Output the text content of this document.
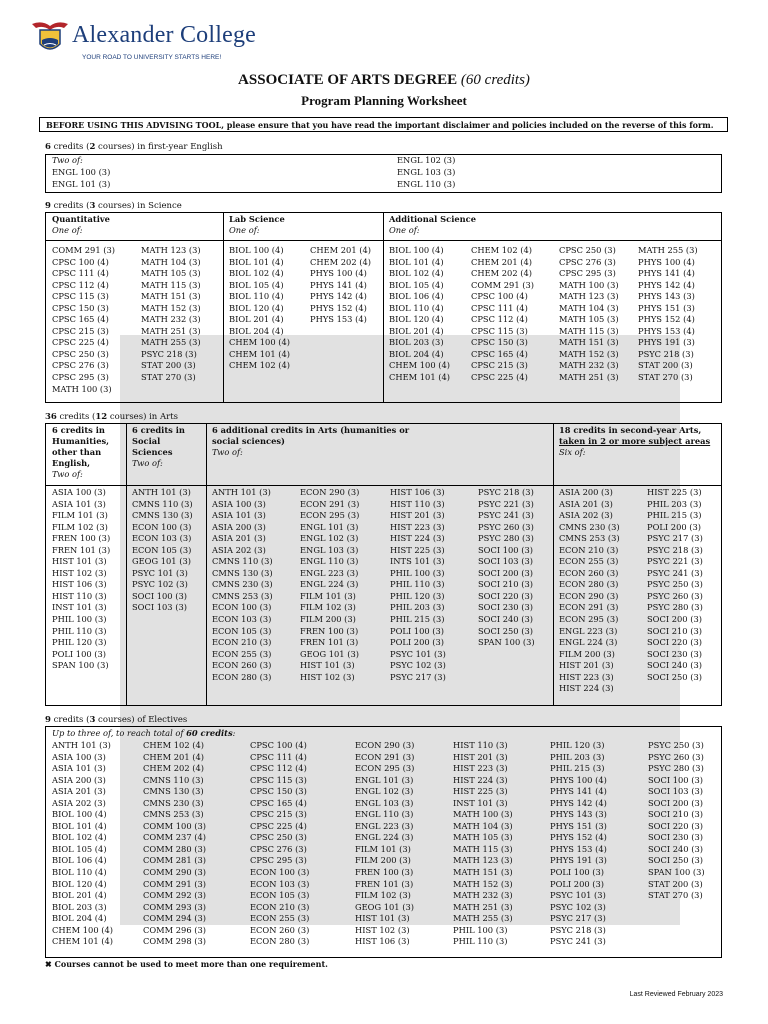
Alexander College
YOUR ROAD TO UNIVERSITY STARTS HERE!
ASSOCIATE OF ARTS DEGREE (60 credits)
Program Planning Worksheet
BEFORE USING THIS ADVISING TOOL, please ensure that you have read the important disclaimer and policies included on the reverse of this form.
6 credits (2 courses) in first-year English
Two of:
ENGL 100 (3)
ENGL 101 (3)
ENGL 102 (3)
ENGL 103 (3)
ENGL 110 (3)
9 credits (3 courses) in Science
Quantitative
One of:
Lab Science
One of:
Additional Science
One of:
COMM 291 (3)
CPSC 100 (4)
CPSC 111 (4)
CPSC 112 (4)
CPSC 115 (3)
CPSC 150 (3)
CPSC 165 (4)
CPSC 215 (3)
CPSC 225 (4)
CPSC 250 (3)
CPSC 276 (3)
CPSC 295 (3)
MATH 100 (3)
MATH 123 (3)
MATH 104 (3)
MATH 105 (3)
MATH 115 (3)
MATH 151 (3)
MATH 152 (3)
MATH 232 (3)
MATH 251 (3)
MATH 255 (3)
PSYC 218 (3)
STAT 200 (3)
STAT 270 (3)
BIOL 100 (4)
BIOL 101 (4)
BIOL 102 (4)
BIOL 105 (4)
BIOL 110 (4)
BIOL 120 (4)
BIOL 201 (4)
BIOL 204 (4)
CHEM 100 (4)
CHEM 101 (4)
CHEM 102 (4)
CHEM 201 (4)
CHEM 202 (4)
PHYS 100 (4)
PHYS 141 (4)
PHYS 142 (4)
PHYS 152 (4)
PHYS 153 (4)
BIOL 100 (4)
BIOL 101 (4)
BIOL 102 (4)
BIOL 105 (4)
BIOL 106 (4)
BIOL 110 (4)
BIOL 120 (4)
BIOL 201 (4)
BIOL 203 (3)
BIOL 204 (4)
CHEM 100 (4)
CHEM 101 (4)
CHEM 102 (4)
CHEM 201 (4)
CHEM 202 (4)
COMM 291 (3)
CPSC 100 (4)
CPSC 111 (4)
CPSC 112 (4)
CPSC 115 (3)
CPSC 150 (3)
CPSC 165 (4)
CPSC 215 (3)
CPSC 225 (4)
CPSC 250 (3)
CPSC 276 (3)
CPSC 295 (3)
MATH 100 (3)
MATH 123 (3)
MATH 104 (3)
MATH 105 (3)
MATH 115 (3)
MATH 151 (3)
MATH 152 (3)
MATH 232 (3)
MATH 251 (3)
MATH 255 (3)
PHYS 100 (4)
PHYS 141 (4)
PHYS 142 (4)
PHYS 143 (3)
PHYS 151 (3)
PHYS 152 (4)
PHYS 153 (4)
PHYS 191 (3)
PSYC 218 (3)
STAT 200 (3)
STAT 270 (3)
36 credits (12 courses) in Arts
6 credits in Humanities, other than English,
Two of:
6 credits in Social Sciences
Two of:
6 additional credits in Arts (humanities or social sciences)
Two of:
18 credits in second-year Arts,
taken in 2 or more subject areas
Six of:
ASIA 100 (3)
ASIA 101 (3)
FILM 101 (3)
FILM 102 (3)
FREN 100 (3)
FREN 101 (3)
HIST 101 (3)
HIST 102 (3)
HIST 106 (3)
HIST 110 (3)
INST 101 (3)
PHIL 100 (3)
PHIL 110 (3)
PHIL 120 (3)
POLI 100 (3)
SPAN 100 (3)
ANTH 101 (3)
CMNS 110 (3)
CMNS 130 (3)
ECON 100 (3)
ECON 103 (3)
ECON 105 (3)
GEOG 101 (3)
PSYC 101 (3)
PSYC 102 (3)
SOCI 100 (3)
SOCI 103 (3)
ANTH 101 (3)
ASIA 100 (3)
ASIA 101 (3)
ASIA 200 (3)
ASIA 201 (3)
ASIA 202 (3)
CMNS 110 (3)
CMNS 130 (3)
CMNS 230 (3)
CMNS 253 (3)
ECON 100 (3)
ECON 103 (3)
ECON 105 (3)
ECON 210 (3)
ECON 255 (3)
ECON 260 (3)
ECON 280 (3)
ECON 290 (3)
ECON 291 (3)
ECON 295 (3)
ENGL 101 (3)
ENGL 102 (3)
ENGL 103 (3)
ENGL 110 (3)
ENGL 223 (3)
ENGL 224 (3)
FILM 101 (3)
FILM 102 (3)
FILM 200 (3)
FREN 100 (3)
FREN 101 (3)
GEOG 101 (3)
HIST 101 (3)
HIST 102 (3)
HIST 106 (3)
HIST 110 (3)
HIST 201 (3)
HIST 223 (3)
HIST 224 (3)
HIST 225 (3)
INTS 101 (3)
PHIL 100 (3)
PHIL 110 (3)
PHIL 120 (3)
PHIL 203 (3)
PHIL 215 (3)
POLI 100 (3)
POLI 200 (3)
PSYC 101 (3)
PSYC 102 (3)
PSYC 217 (3)
PSYC 218 (3)
PSYC 221 (3)
PSYC 241 (3)
PSYC 260 (3)
PSYC 280 (3)
SOCI 100 (3)
SOCI 103 (3)
SOCI 200 (3)
SOCI 210 (3)
SOCI 220 (3)
SOCI 230 (3)
SOCI 240 (3)
SOCI 250 (3)
SPAN 100 (3)
ASIA 200 (3)
ASIA 201 (3)
ASIA 202 (3)
CMNS 230 (3)
CMNS 253 (3)
ECON 210 (3)
ECON 255 (3)
ECON 260 (3)
ECON 280 (3)
ECON 290 (3)
ECON 291 (3)
ECON 295 (3)
ENGL 223 (3)
ENGL 224 (3)
FILM 200 (3)
HIST 201 (3)
HIST 223 (3)
HIST 224 (3)
HIST 225 (3)
PHIL 203 (3)
PHIL 215 (3)
POLI 200 (3)
PSYC 217 (3)
PSYC 218 (3)
PSYC 221 (3)
PSYC 241 (3)
PSYC 250 (3)
PSYC 260 (3)
PSYC 280 (3)
SOCI 200 (3)
SOCI 210 (3)
SOCI 220 (3)
SOCI 230 (3)
SOCI 240 (3)
SOCI 250 (3)
9 credits (3 courses) of Electives
Up to three of, to reach total of 60 credits:
ANTH 101 (3)
ASIA 100 (3)
ASIA 101 (3)
ASIA 200 (3)
ASIA 201 (3)
ASIA 202 (3)
BIOL 100 (4)
BIOL 101 (4)
BIOL 102 (4)
BIOL 105 (4)
BIOL 106 (4)
BIOL 110 (4)
BIOL 120 (4)
BIOL 201 (4)
BIOL 203 (3)
BIOL 204 (4)
CHEM 100 (4)
CHEM 101 (4)
CHEM 102 (4)
CHEM 201 (4)
CHEM 202 (4)
CMNS 110 (3)
CMNS 130 (3)
CMNS 230 (3)
CMNS 253 (3)
COMM 100 (3)
COMM 237 (4)
COMM 280 (3)
COMM 281 (3)
COMM 290 (3)
COMM 291 (3)
COMM 292 (3)
COMM 293 (3)
COMM 294 (3)
COMM 296 (3)
COMM 298 (3)
CPSC 100 (4)
CPSC 111 (4)
CPSC 112 (4)
CPSC 115 (3)
CPSC 150 (3)
CPSC 165 (4)
CPSC 215 (3)
CPSC 225 (4)
CPSC 250 (3)
CPSC 276 (3)
CPSC 295 (3)
ECON 100 (3)
ECON 103 (3)
ECON 105 (3)
ECON 210 (3)
ECON 255 (3)
ECON 260 (3)
ECON 280 (3)
ECON 290 (3)
ECON 291 (3)
ECON 295 (3)
ENGL 101 (3)
ENGL 102 (3)
ENGL 103 (3)
ENGL 110 (3)
ENGL 223 (3)
ENGL 224 (3)
FILM 101 (3)
FILM 200 (3)
FREN 100 (3)
FREN 101 (3)
FILM 102 (3)
GEOG 101 (3)
HIST 101 (3)
HIST 102 (3)
HIST 106 (3)
HIST 110 (3)
HIST 201 (3)
HIST 223 (3)
HIST 224 (3)
HIST 225 (3)
INST 101 (3)
MATH 100 (3)
MATH 104 (3)
MATH 105 (3)
MATH 115 (3)
MATH 123 (3)
MATH 151 (3)
MATH 152 (3)
MATH 232 (3)
MATH 251 (3)
MATH 255 (3)
PHIL 100 (3)
PHIL 110 (3)
PHIL 120 (3)
PHIL 203 (3)
PHIL 215 (3)
PHYS 100 (4)
PHYS 141 (4)
PHYS 142 (4)
PHYS 143 (3)
PHYS 151 (3)
PHYS 152 (4)
PHYS 153 (4)
PHYS 191 (3)
POLI 100 (3)
POLI 200 (3)
PSYC 101 (3)
PSYC 102 (3)
PSYC 217 (3)
PSYC 218 (3)
PSYC 241 (3)
PSYC 250 (3)
PSYC 260 (3)
PSYC 280 (3)
SOCI 100 (3)
SOCI 103 (3)
SOCI 200 (3)
SOCI 210 (3)
SOCI 220 (3)
SOCI 230 (3)
SOCI 240 (3)
SOCI 250 (3)
SPAN 100 (3)
STAT 200 (3)
STAT 270 (3)
✖ Courses cannot be used to meet more than one requirement.
Last Reviewed February 2023
